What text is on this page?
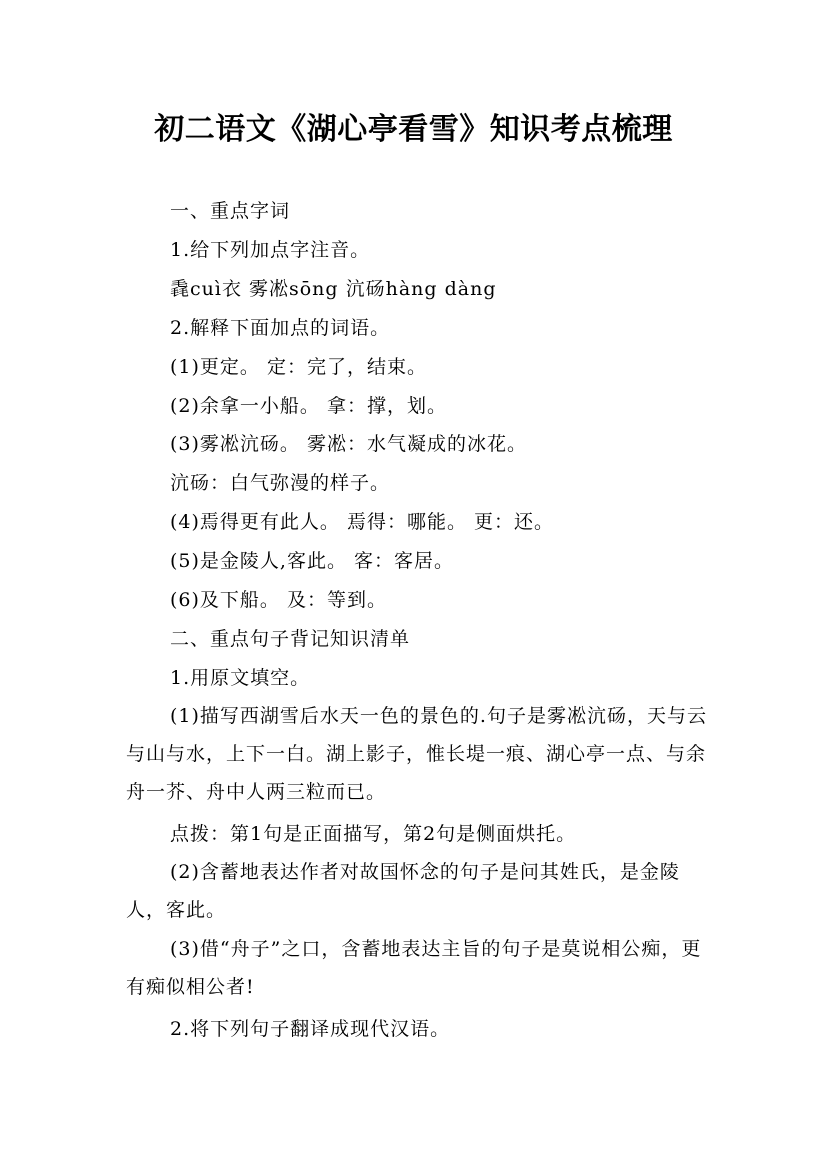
初二语文《湖心亭看雪》知识考点梳理
一、重点字词
1.给下列加点字注音。
毳cuì衣 雾凇sōng 沆砀hàng dàng
2.解释下面加点的词语。
(1)更定。 定：完了，结束。
(2)余拿一小船。 拿：撑，划。
(3)雾凇沆砀。 雾凇：水气凝成的冰花。
沆砀：白气弥漫的样子。
(4)焉得更有此人。 焉得：哪能。 更：还。
(5)是金陵人,客此。 客：客居。
(6)及下船。 及：等到。
二、重点句子背记知识清单
1.用原文填空。
(1)描写西湖雪后水天一色的景色的.句子是雾凇沆砀，天与云与山与水，上下一白。湖上影子，惟长堤一痕、湖心亭一点、与余舟一芥、舟中人两三粒而已。
点拨：第1句是正面描写，第2句是侧面烘托。
(2)含蓄地表达作者对故国怀念的句子是问其姓氏，是金陵人，客此。
(3)借“舟子”之口，含蓄地表达主旨的句子是莫说相公痴，更有痴似相公者!
2.将下列句子翻译成现代汉语。
